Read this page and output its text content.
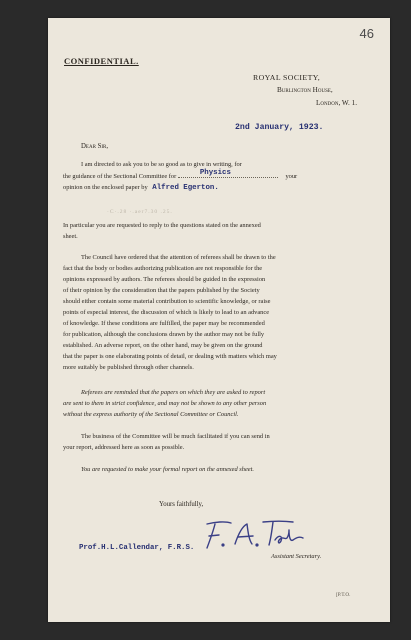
46
CONFIDENTIAL.
ROYAL SOCIETY,
Burlington House,
London, W. 1.
2nd January, 1923.
Dear Sir,
I am directed to ask you to be so good as to give in writing, for
the guidance of the Sectional Committee for	Physics	your
opinion on the enclosed paper by Alfred Egerton.
·C·.28 ·.aer7.30 .25.
In particular you are requested to reply to the questions stated on the annexed
sheet.
The Council have ordered that the attention of referees shall be drawn to the
fact that the body or bodies authorizing publication are not responsible for the
opinions expressed by authors. The referees should be guided in the expression
of their opinion by the consideration that the papers published by the Society
should either contain some material contribution to scientific knowledge, or raise
points of especial interest, the discussion of which is likely to lead to an advance
of knowledge. If these conditions are fulfilled, the paper may be recommended
for publication, although the conclusions drawn by the author may not be fully
established. An adverse report, on the other hand, may be given on the ground
that the paper is one elaborating points of detail, or dealing with matters which may
more suitably be published through other channels.
Referees are reminded that the papers on which they are asked to report
are sent to them in strict confidence, and may not be shown to any other person
without the express authority of the Sectional Committee or Council.
The business of the Committee will be much facilitated if you can send in
your report, addressed here as soon as possible.
You are requested to make your formal report on the annexed sheet.
Yours faithfully,
Prof.H.L.Callendar, F.R.S.
Assistant Secretary.
[P.T.O.
